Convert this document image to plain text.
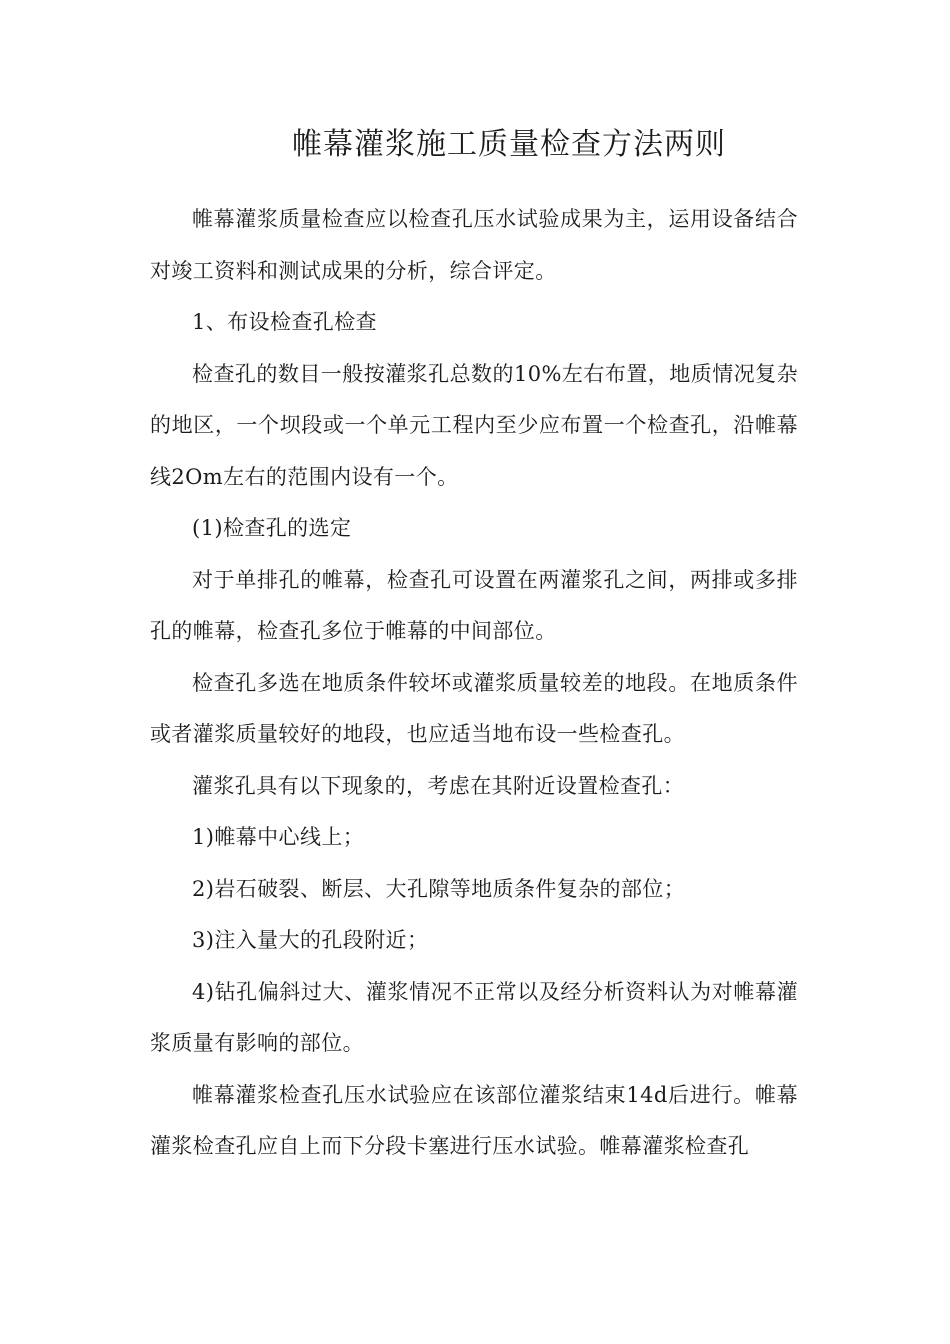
帷幕灌浆施工质量检查方法两则

帷幕灌浆质量检查应以检查孔压水试验成果为主，运用设备结合对竣工资料和测试成果的分析，综合评定。

1、布设检查孔检查

检查孔的数目一般按灌浆孔总数的10%左右布置，地质情况复杂的地区，一个坝段或一个单元工程内至少应布置一个检查孔，沿帷幕线2Om左右的范围内设有一个。

(1)检查孔的选定

对于单排孔的帷幕，检查孔可设置在两灌浆孔之间，两排或多排孔的帷幕，检查孔多位于帷幕的中间部位。

检查孔多选在地质条件较坏或灌浆质量较差的地段。在地质条件或者灌浆质量较好的地段，也应适当地布设一些检查孔。

灌浆孔具有以下现象的，考虑在其附近设置检查孔：

1)帷幕中心线上；

2)岩石破裂、断层、大孔隙等地质条件复杂的部位；

3)注入量大的孔段附近；

4)钻孔偏斜过大、灌浆情况不正常以及经分析资料认为对帷幕灌浆质量有影响的部位。

帷幕灌浆检查孔压水试验应在该部位灌浆结束14d后进行。帷幕灌浆检查孔应自上而下分段卡塞进行压水试验。帷幕灌浆检查孔
